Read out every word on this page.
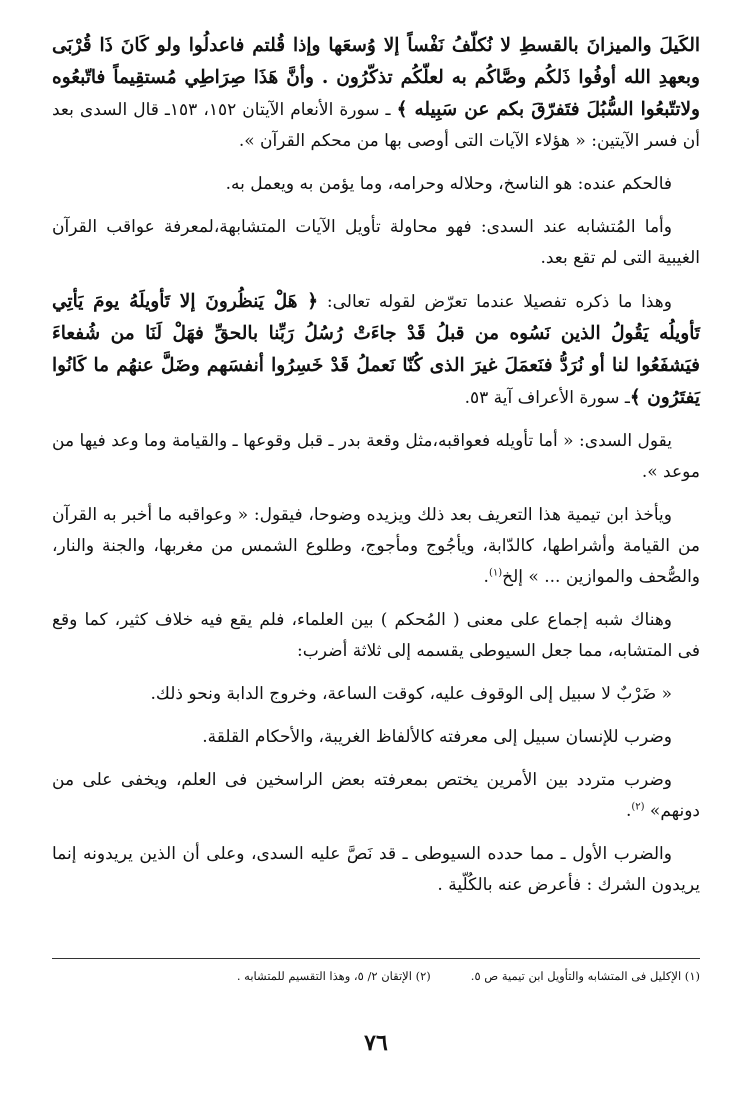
الكَيلَ والميزانَ بالقسطِ لا نُكلّفُ نَفْساً إلا وُسعَها وإذا قُلتم فاعدلُوا ولو كَانَ ذَا قُرْبَى وبعهدِ الله أوفُوا ذَلكُم وصَّاكُم به لعلّكُم تذكّرُون . وأنَّ هَذَا صِرَاطِي مُستقِيماً فاتّبعُوه ولاتتّبعُوا السُّبُلَ فتَفرّقَ بكم عن سَبِيله ﴾ ـ سورة الأنعام الآيتان ١٥٢، ١٥٣ـ قال السدى بعد أن فسر الآيتين: « هؤلاء الآيات التى أوصى بها من محكم القرآن ».

فالحكم عنده: هو الناسخ، وحلاله وحرامه، وما يؤمن به ويعمل به.

وأما المُتشابه عند السدى: فهو محاولة تأويل الآيات المتشابهة،لمعرفة عواقب القرآن الغيبية التى لم تقع بعد.

وهذا ما ذكره تفصيلا عندما تعرّض لقوله تعالى: ﴿ هَلْ يَنظُرونَ إلا تَأويلَهُ يومَ يَأتِي تَأويلُه يَقُولُ الذين نَسُوه من قبلُ قَدْ جاءَتْ رُسُلُ رَبِّنا بالحقِّ فهَلْ لَنَا من شُفعاءَ فيَشفَعُوا لنا أو نُرَدُّ فنَعمَلَ غيرَ الذى كُنّا نَعملُ قَدْ خَسِرُوا أنفسَهم وضَلَّ عنهُم ما كَانُوا يَفتَرُون ﴾ـ سورة الأعراف آية ٥٣.

يقول السدى: « أما تأويله فعواقبه،مثل وقعة بدر ـ قبل وقوعها ـ والقيامة وما وعد فيها من موعد ».

ويأخذ ابن تيمية هذا التعريف بعد ذلك ويزيده وضوحا، فيقول: « وعواقبه ما أخبر به القرآن من القيامة وأشراطها، كالدّابة، ويأجُوج ومأجوج، وطلوع الشمس من مغربها، والجنة والنار، والصُّحف والموازين ... » إلخ$^{(١)}$.

وهناك شبه إجماع على معنى ( المُحكم ) بين العلماء، فلم يقع فيه خلاف كثير، كما وقع فى المتشابه، مما جعل السيوطى يقسمه إلى ثلاثة أضرب:

« ضَرْبٌ لا سبيل إلى الوقوف عليه، كوقت الساعة، وخروج الدابة ونحو ذلك.

وضرب للإنسان سبيل إلى معرفته كالألفاظ الغريبة، والأحكام القلقة.

وضرب متردد بين الأمرين يختص بمعرفته بعض الراسخين فى العلم، ويخفى على من دونهم» $^{(٢)}$.

والضرب الأول ـ مما حدده السيوطى ـ قد نَصَّ عليه السدى، وعلى أن الذين يريدونه إنما يريدون الشرك : فأعرض عنه بالكُلّية .

(١) الإكليل فى المتشابه والتأويل ابن تيمية ص ٥.
(٢) الإتقان ٢/ ٥، وهذا التقسيم للمتشابه .
٧٦
